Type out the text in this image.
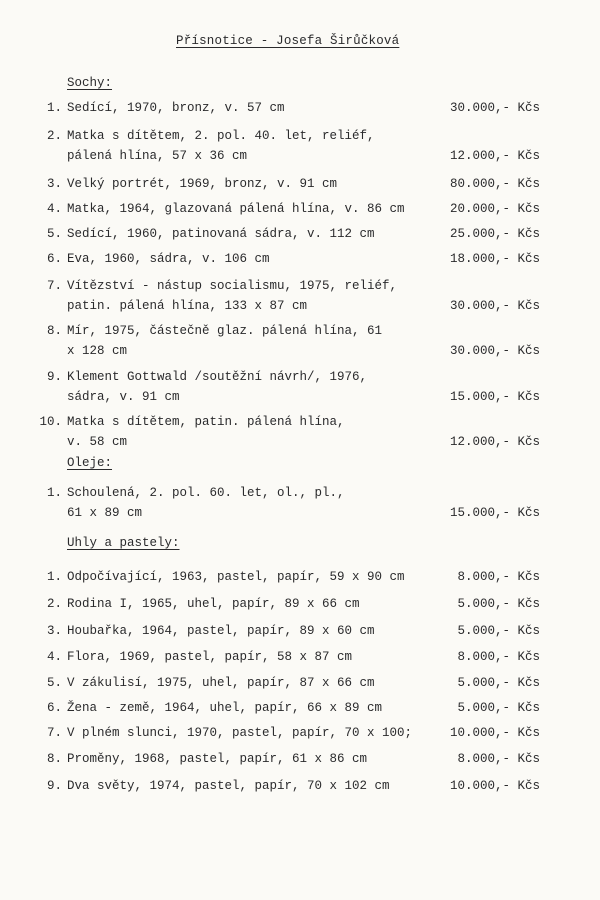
Přísnotice - Josefa Širůčková
Sochy:
Oleje:
Uhly a pastely:
1. Sedící, 1970, bronz, v. 57 cm	30.000,- Kčs
2. Matka s dítětem, 2. pol. 40. let, reliéf,
pálená hlína, 57 x 36 cm	12.000,- Kčs
3. Velký portrét, 1969, bronz, v. 91 cm	80.000,- Kčs
4. Matka, 1964, glazovaná pálená hlína, v. 86 cm	20.000,- Kčs
5. Sedící, 1960, patinovaná sádra, v. 112 cm	25.000,- Kčs
6. Eva, 1960, sádra, v. 106 cm	18.000,- Kčs
7. Vítězství - nástup socialismu, 1975, reliéf,
patin. pálená hlína, 133 x 87 cm	30.000,- Kčs
8. Mír, 1975, částečně glaz. pálená hlína, 61
x 128 cm	30.000,- Kčs
9. Klement Gottwald /soutěžní návrh/, 1976,
sádra, v. 91 cm	15.000,- Kčs
10. Matka s dítětem, patin. pálená hlína,
v. 58 cm	12.000,- Kčs
1. Schoulená, 2. pol. 60. let, ol., pl.,
61 x 89 cm	15.000,- Kčs
1. Odpočívající, 1963, pastel, papír, 59 x 90 cm	8.000,- Kčs
2. Rodina I, 1965, uhel, papír, 89 x 66 cm	5.000,- Kčs
3. Houbařka, 1964, pastel, papír, 89 x 60 cm	5.000,- Kčs
4. Flora, 1969, pastel, papír, 58 x 87 cm	8.000,- Kčs
5. V zákulisí, 1975, uhel, papír, 87 x 66 cm	5.000,- Kčs
6. Žena - země, 1964, uhel, papír, 66 x 89 cm	5.000,- Kčs
7. V plném slunci, 1970, pastel, papír, 70 x 100;	10.000,- Kčs
8. Proměny, 1968, pastel, papír, 61 x 86 cm	8.000,- Kčs
9. Dva světy, 1974, pastel, papír, 70 x 102 cm	10.000,- Kčs
